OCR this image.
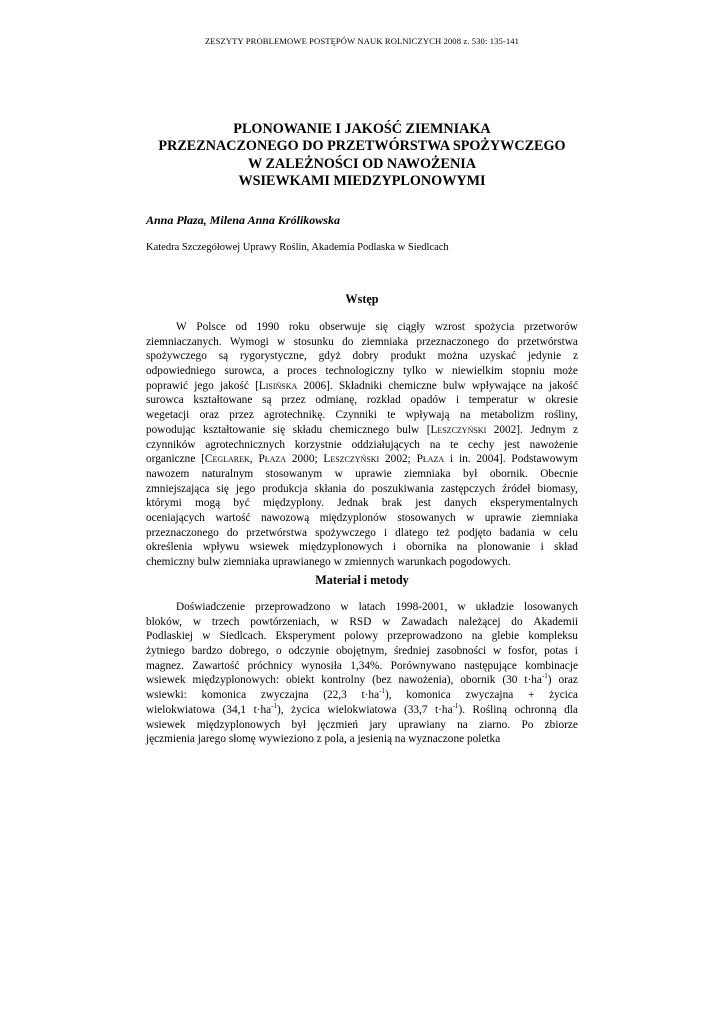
ZESZYTY PROBLEMOWE POSTĘPÓW NAUK ROLNICZYCH 2008 z. 530: 135-141
PLONOWANIE I JAKOŚĆ ZIEMNIAKA
PRZEZNACZONEGO DO PRZETWÓRSTWA SPOŻYWCZEGO
W ZALEŻNOŚCI OD NAWOŻENIA
WSIEWKAMI MIEDZYPLONOWYMI
Anna Płaza, Milena Anna Królikowska
Katedra Szczegółowej Uprawy Roślin, Akademia Podlaska w Siedlcach
Wstęp
W Polsce od 1990 roku obserwuje się ciągły wzrost spożycia przetworów
ziemniaczanych. Wymogi w stosunku do ziemniaka przeznaczonego do przetwórstwa
spożywczego są rygorystyczne, gdyż dobry produkt można uzyskać jedynie z
odpowiedniego surowca, a proces technologiczny tylko w niewielkim stopniu może
poprawić jego jakość [Lisińska 2006]. Składniki chemiczne bulw wpływające na jakość
surowca kształtowane są przez odmianę, rozkład opadów i temperatur w okresie
wegetacji oraz przez agrotechnikę. Czynniki te wpływają na metabolizm rośliny,
powodując kształtowanie się składu chemicznego bulw [Leszczyński 2002]. Jednym z
czynników agrotechnicznych korzystnie oddziałujących na te cechy jest nawożenie
organiczne [Ceglarek, Płaza 2000; Leszczyński 2002; Płaza i in. 2004]. Podstawowym
nawozem naturalnym stosowanym w uprawie ziemniaka był obornik. Obecnie
zmniejszająca się jego produkcja skłania do poszukiwania zastępczych źródeł biomasy,
którymi mogą być międzyplony. Jednak brak jest danych eksperymentalnych
oceniających wartość nawozową międzyplonów stosowanych w uprawie ziemniaka
przeznaczonego do przetwórstwa spożywczego i dlatego też podjęto badania w celu
określenia wpływu wsiewek międzyplonowych i obornika na plonowanie i skład
chemiczny bulw ziemniaka uprawianego w zmiennych warunkach pogodowych.
Materiał i metody
Doświadczenie przeprowadzono w latach 1998-2001, w układzie losowanych
bloków, w trzech powtórzeniach, w RSD w Zawadach należącej do Akademii
Podlaskiej w Siedlcach. Eksperyment polowy przeprowadzono na glebie kompleksu
żytniego bardzo dobrego, o odczynie obojętnym, średniej zasobności w fosfor, potas i
magnez. Zawartość próchnicy wynosiła 1,34%. Porównywano następujące kombinacje
wsiewek międzyplonowych: obiekt kontrolny (bez nawożenia), obornik (30 $t\cdot ha^{-1}$) oraz
wsiewki: komonica zwyczajna (22,3 $t\cdot ha^{-1}$), komonica zwyczajna + życica
wielokwiatowa (34,1 $t\cdot ha^{-1}$), życica wielokwiatowa (33,7 $t\cdot ha^{-1}$). Rośliną ochronną dla
wsiewek międzyplonowych był jęczmień jary uprawiany na ziarno. Po zbiorze
jęczmienia jarego słomę wywieziono z pola, a jesienią na wyznaczone poletka
